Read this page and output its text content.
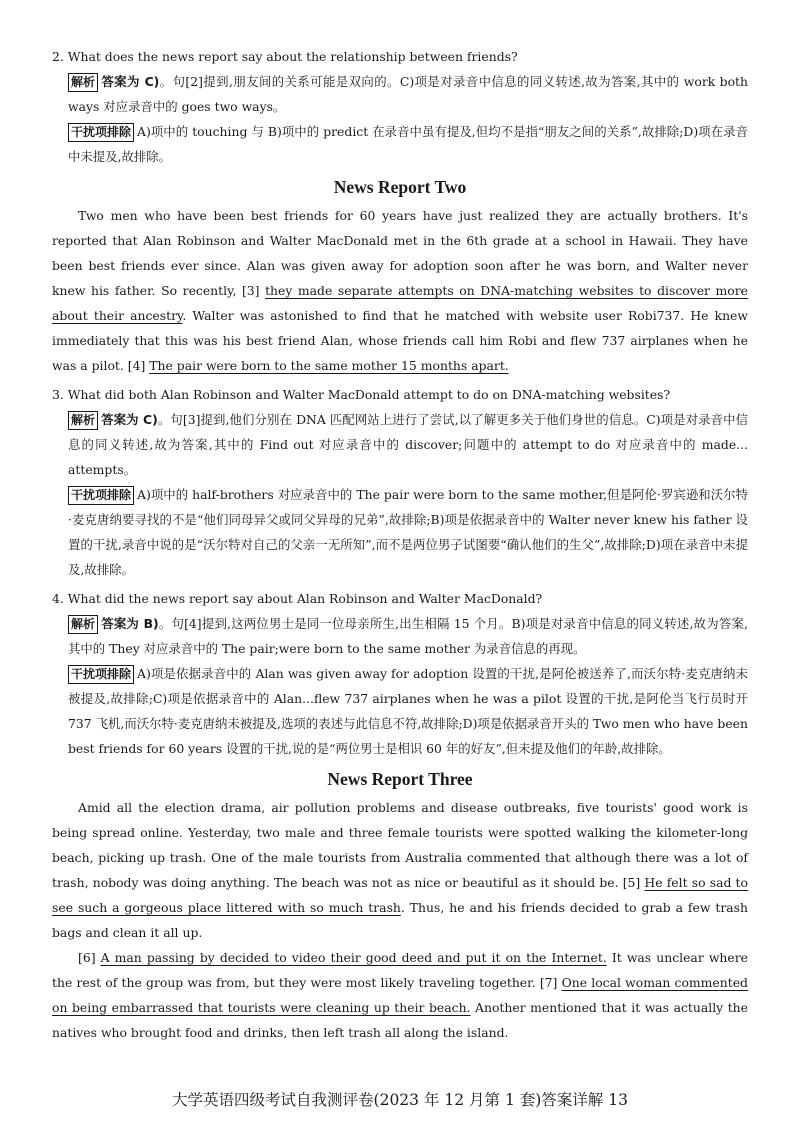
2. What does the news report say about the relationship between friends?

解析 答案为 C)。句[2]提到,朋友间的关系可能是双向的。C)项是对录音中信息的同义转述,故为答案,其中的 work both ways 对应录音中的 goes two ways。

干扰项排除 A)项中的 touching 与 B)项中的 predict 在录音中虽有提及,但均不是指“朋友之间的关系”,故排除;D)项在录音中未提及,故排除。

News Report Two

Two men who have been best friends for 60 years have just realized they are actually brothers. It's reported that Alan Robinson and Walter MacDonald met in the 6th grade at a school in Hawaii. They have been best friends ever since. Alan was given away for adoption soon after he was born, and Walter never knew his father. So recently, [3] they made separate attempts on DNA-matching websites to discover more about their ancestry. Walter was astonished to find that he matched with website user Robi737. He knew immediately that this was his best friend Alan, whose friends call him Robi and flew 737 airplanes when he was a pilot. [4] The pair were born to the same mother 15 months apart.

3. What did both Alan Robinson and Walter MacDonald attempt to do on DNA-matching websites?

解析 答案为 C)。句[3]提到,他们分别在 DNA 匹配网站上进行了尝试,以了解更多关于他们身世的信息。C)项是对录音中信息的同义转述,故为答案,其中的 Find out 对应录音中的 discover;问题中的 attempt to do 对应录音中的 made... attempts。

干扰项排除 A)项中的 half-brothers 对应录音中的 The pair were born to the same mother,但是阿伦·罗宾逊和沃尔特·麦克唐纳要寻找的不是“他们同母异父或同父异母的兄弟”,故排除;B)项是依据录音中的 Walter never knew his father 设置的干扰,录音中说的是“沃尔特对自己的父亲一无所知”,而不是两位男子试图要“确认他们的生父”,故排除;D)项在录音中未提及,故排除。

4. What did the news report say about Alan Robinson and Walter MacDonald?

解析 答案为 B)。句[4]提到,这两位男士是同一位母亲所生,出生相隔 15 个月。B)项是对录音中信息的同义转述,故为答案,其中的 They 对应录音中的 The pair;were born to the same mother 为录音信息的再现。

干扰项排除 A)项是依据录音中的 Alan was given away for adoption 设置的干扰,是阿伦被送养了,而沃尔特·麦克唐纳未被提及,故排除;C)项是依据录音中的 Alan...flew 737 airplanes when he was a pilot 设置的干扰,是阿伦当飞行员时开 737 飞机,而沃尔特·麦克唐纳未被提及,选项的表述与此信息不符,故排除;D)项是依据录音开头的 Two men who have been best friends for 60 years 设置的干扰,说的是“两位男士是相识 60 年的好友”,但未提及他们的年龄,故排除。

News Report Three

Amid all the election drama, air pollution problems and disease outbreaks, five tourists' good work is being spread online. Yesterday, two male and three female tourists were spotted walking the kilometer-long beach, picking up trash. One of the male tourists from Australia commented that although there was a lot of trash, nobody was doing anything. The beach was not as nice or beautiful as it should be. [5] He felt so sad to see such a gorgeous place littered with so much trash. Thus, he and his friends decided to grab a few trash bags and clean it all up.

[6] A man passing by decided to video their good deed and put it on the Internet. It was unclear where the rest of the group was from, but they were most likely traveling together. [7] One local woman commented on being embarrassed that tourists were cleaning up their beach. Another mentioned that it was actually the natives who brought food and drinks, then left trash all along the island.

大学英语四级考试自我测评卷(2023 年 12 月第 1 套)答案详解 13
